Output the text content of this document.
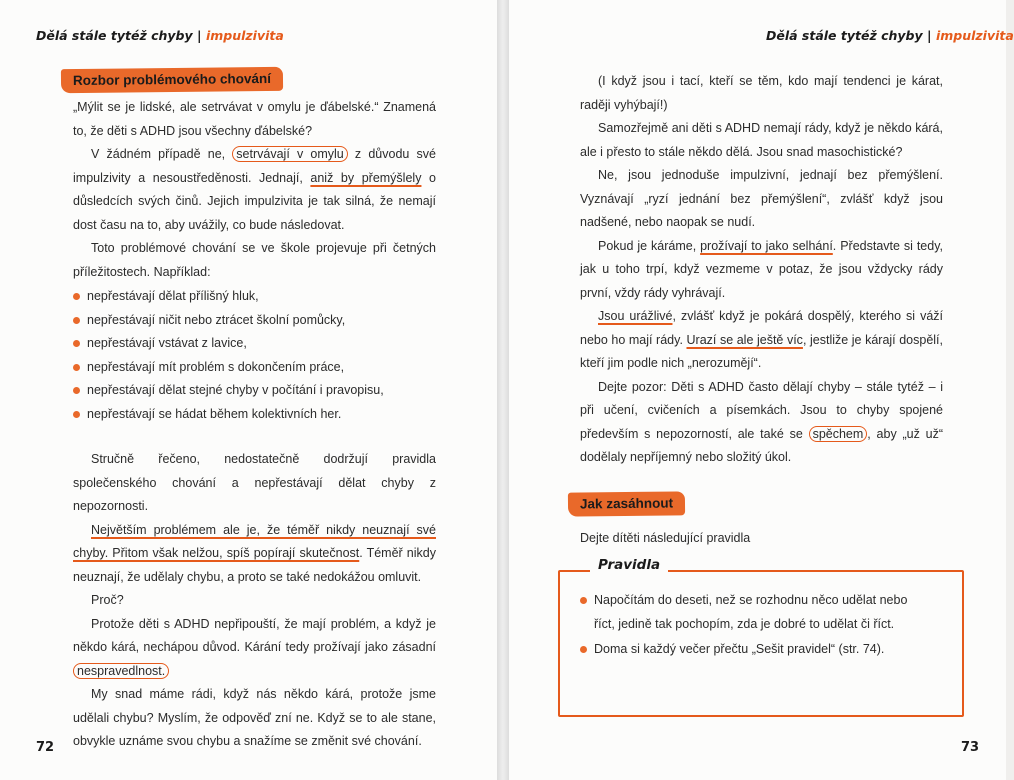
Dělá stále tytéž chyby | impulzivita
Rozbor problémového chování

„Mýlit se je lidské, ale setrvávat v omylu je ďábelské.“ Znamená to, že děti s ADHD jsou všechny ďábelské?

V žádném případě ne, setrvávají v omylu z důvodu své impulzivity a nesoustředěnosti. Jednají, aniž by přemýšlely o důsledcích svých činů. Jejich impulzivita je tak silná, že nemají dost času na to, aby uvážily, co bude následovat.

Toto problémové chování se ve škole projevuje při četných příležitostech. Například:

nepřestávají dělat přílišný hluk,
nepřestávají ničit nebo ztrácet školní pomůcky,
nepřestávají vstávat z lavice,
nepřestávají mít problém s dokončením práce,
nepřestávají dělat stejné chyby v počítání i pravopisu,
nepřestávají se hádat během kolektivních her.

Stručně řečeno, nedostatečně dodržují pravidla společenského chování a nepřestávají dělat chyby z nepozornosti.

Největším problémem ale je, že téměř nikdy neuznají své chyby. Přitom však nelžou, spíš popírají skutečnost. Téměř nikdy neuznají, že udělaly chybu, a proto se také nedokážou omluvit.

Proč?

Protože děti s ADHD nepřipouští, že mají problém, a když je někdo kárá, nechápou důvod. Kárání tedy prožívají jako zásadní nespravedlnost.

My snad máme rádi, když nás někdo kárá, protože jsme udělali chybu? Myslím, že odpověď zní ne. Když se to ale stane, obvykle uznáme svou chybu a snažíme se změnit své chování.

72
Dělá stále tytéž chyby | impulzivita

(I když jsou i tací, kteří se těm, kdo mají tendenci je kárat, raději vyhýbají!)

Samozřejmě ani děti s ADHD nemají rády, když je někdo kárá, ale i přesto to stále někdo dělá. Jsou snad masochistické?

Ne, jsou jednoduše impulzivní, jednají bez přemýšlení. Vyznávají „ryzí jednání bez přemýšlení“, zvlášť když jsou nadšené, nebo naopak se nudí.

Pokud je káráme, prožívají to jako selhání. Představte si tedy, jak u toho trpí, když vezmeme v potaz, že jsou vždycky rády první, vždy rády vyhrávají.

Jsou urážlivé, zvlášť když je pokárá dospělý, kterého si váží nebo ho mají rády. Urazí se ale ještě víc, jestliže je kárají dospělí, kteří jim podle nich „nerozumějí“.

Dejte pozor: Děti s ADHD často dělají chyby – stále tytéž – i při učení, cvičeních a písemkách. Jsou to chyby spojené především s nepozorností, ale také se spěchem , aby „už už“ dodělaly nepříjemný nebo složitý úkol.

Jak zasáhnout
Dejte dítěti následující pravidla
Pravidla
Napočítám do deseti, než se rozhodnu něco udělat nebo říct, jedině tak pochopím, zda je dobré to udělat či říct.
Doma si každý večer přečtu „Sešit pravidel“ (str. 74).
73
